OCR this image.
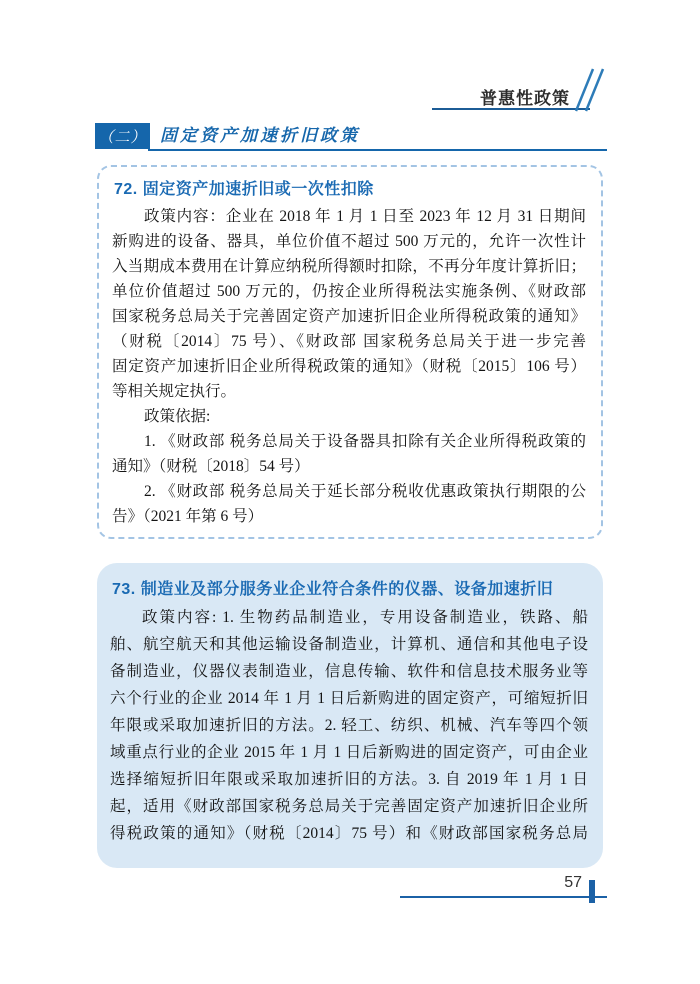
普惠性政策
（二） 固定资产加速折旧政策
72. 固定资产加速折旧或一次性扣除
政策内容：企业在 2018 年 1 月 1 日至 2023 年 12 月 31 日期间
新购进的设备、器具，单位价值不超过 500 万元的，允许一次性计
入当期成本费用在计算应纳税所得额时扣除，不再分年度计算折旧；
单位价值超过 500 万元的，仍按企业所得税法实施条例、《财政部
国家税务总局关于完善固定资产加速折旧企业所得税政策的通知》
（财税〔2014〕75 号）、《财政部 国家税务总局关于进一步完善
固定资产加速折旧企业所得税政策的通知》（财税〔2015〕106 号）
等相关规定执行。
政策依据:
1. 《财政部 税务总局关于设备器具扣除有关企业所得税政策的
通知》（财税〔2018〕54 号）
2. 《财政部 税务总局关于延长部分税收优惠政策执行期限的公
告》（2021 年第 6 号）
73. 制造业及部分服务业企业符合条件的仪器、设备加速折旧
政策内容: 1. 生物药品制造业，专用设备制造业，铁路、船
舶、航空航天和其他运输设备制造业，计算机、通信和其他电子设
备制造业，仪器仪表制造业，信息传输、软件和信息技术服务业等
六个行业的企业 2014 年 1 月 1 日后新购进的固定资产，可缩短折旧
年限或采取加速折旧的方法。2. 轻工、纺织、机械、汽车等四个领
域重点行业的企业 2015 年 1 月 1 日后新购进的固定资产，可由企业
选择缩短折旧年限或采取加速折旧的方法。3. 自 2019 年 1 月 1 日
起，适用《财政部国家税务总局关于完善固定资产加速折旧企业所
得税政策的通知》（财税〔2014〕75 号）和《财政部国家税务总局
57
